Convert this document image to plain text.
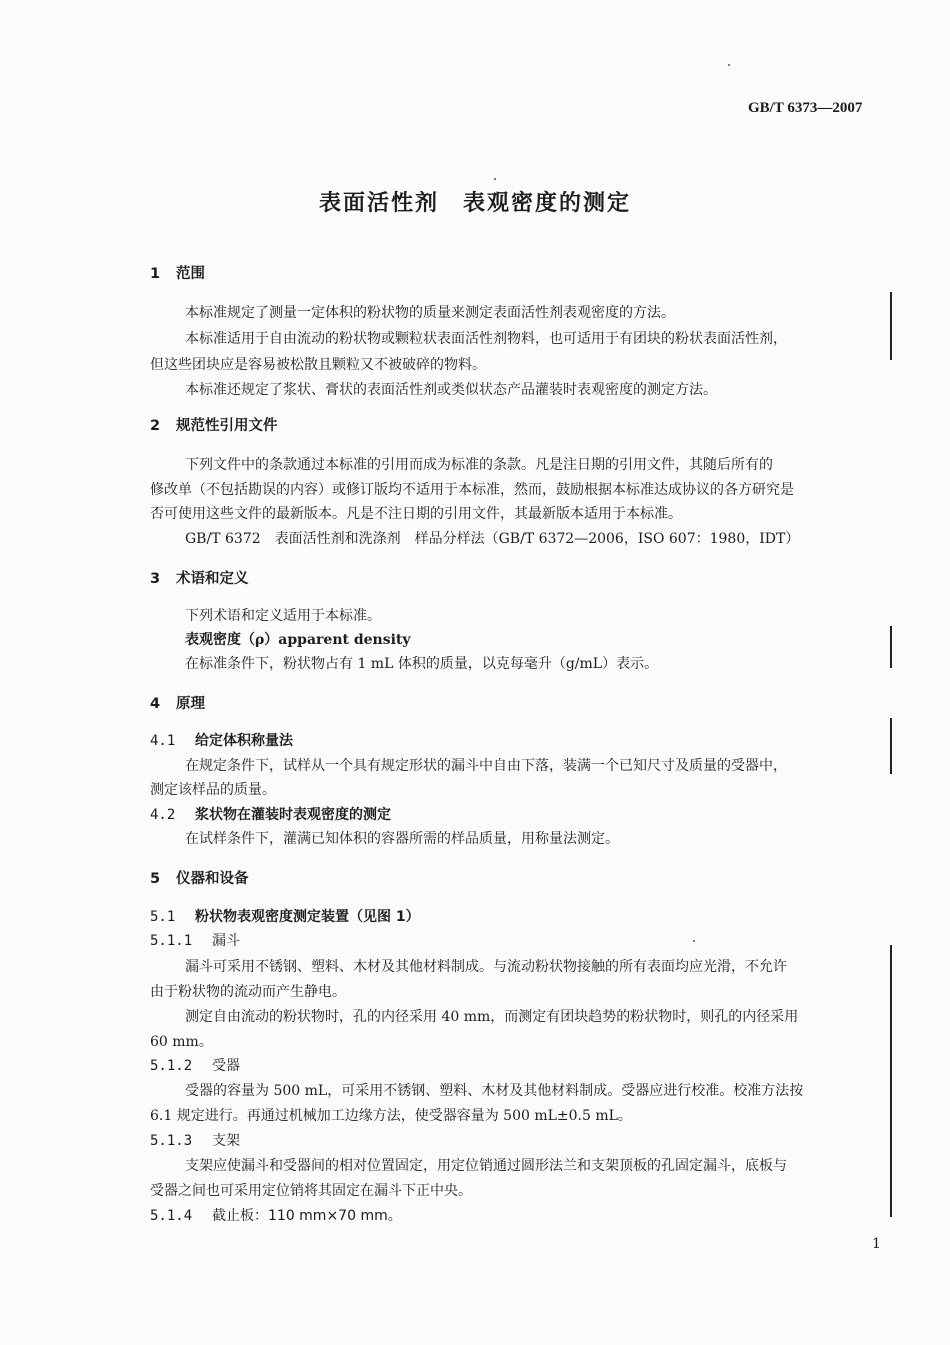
GB/T 6373—2007
表面活性剂　表观密度的测定
1 范围
本标准规定了测量一定体积的粉状物的质量来测定表面活性剂表观密度的方法。
本标准适用于自由流动的粉状物或颗粒状表面活性剂物料，也可适用于有团块的粉状表面活性剂，
但这些团块应是容易被松散且颗粒又不被破碎的物料。
本标准还规定了浆状、膏状的表面活性剂或类似状态产品灌装时表观密度的测定方法。
2 规范性引用文件
下列文件中的条款通过本标准的引用而成为标准的条款。凡是注日期的引用文件，其随后所有的
修改单（不包括勘误的内容）或修订版均不适用于本标准，然而，鼓励根据本标准达成协议的各方研究是
否可使用这些文件的最新版本。凡是不注日期的引用文件，其最新版本适用于本标准。
GB/T 6372　表面活性剂和洗涤剂　样品分样法（GB/T 6372—2006，ISO 607：1980，IDT）
3 术语和定义
下列术语和定义适用于本标准。
表观密度（ρ）apparent density
在标准条件下，粉状物占有 1 mL 体积的质量，以克每毫升（g/mL）表示。
4 原理
4.1 给定体积称量法
在规定条件下，试样从一个具有规定形状的漏斗中自由下落，装满一个已知尺寸及质量的受器中，
测定该样品的质量。
4.2 浆状物在灌装时表观密度的测定
在试样条件下，灌满已知体积的容器所需的样品质量，用称量法测定。
5 仪器和设备
5.1 粉状物表观密度测定装置（见图 1）
5.1.1 漏斗
漏斗可采用不锈钢、塑料、木材及其他材料制成。与流动粉状物接触的所有表面均应光滑，不允许
由于粉状物的流动而产生静电。
测定自由流动的粉状物时，孔的内径采用 40 mm，而测定有团块趋势的粉状物时，则孔的内径采用
60 mm。
5.1.2 受器
受器的容量为 500 mL，可采用不锈钢、塑料、木材及其他材料制成。受器应进行校准。校准方法按
6.1 规定进行。再通过机械加工边缘方法，使受器容量为 500 mL±0.5 mL。
5.1.3 支架
支架应使漏斗和受器间的相对位置固定，用定位销通过圆形法兰和支架顶板的孔固定漏斗，底板与
受器之间也可采用定位销将其固定在漏斗下正中央。
5.1.4 截止板：110 mm×70 mm。
1
